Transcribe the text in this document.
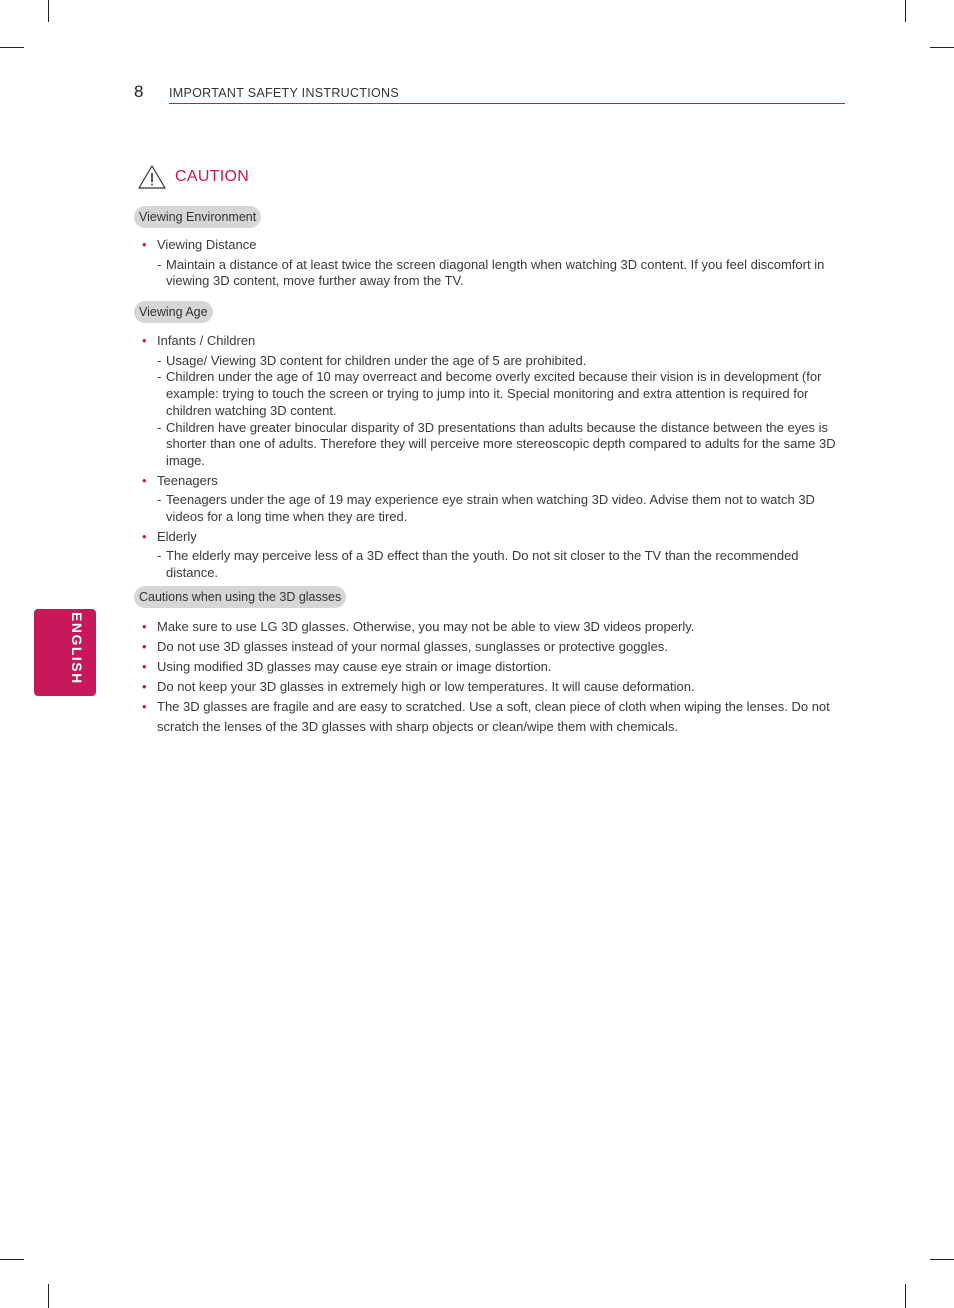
8 IMPORTANT SAFETY INSTRUCTIONS
CAUTION
Viewing Environment
• Viewing Distance
- Maintain a distance of at least twice the screen diagonal length when watching 3D content. If you feel discomfort in viewing 3D content, move further away from the TV.
Viewing Age
• Infants / Children
- Usage/ Viewing 3D content for children under the age of 5 are prohibited.
- Children under the age of 10 may overreact and become overly excited because their vision is in development (for example: trying to touch the screen or trying to jump into it. Special monitoring and extra attention is required for children watching 3D content.
- Children have greater binocular disparity of 3D presentations than adults because the distance between the eyes is shorter than one of adults. Therefore they will perceive more stereoscopic depth compared to adults for the same 3D image.
• Teenagers
- Teenagers under the age of 19 may experience eye strain when watching 3D video. Advise them not to watch 3D videos for a long time when they are tired.
• Elderly
- The elderly may perceive less of a 3D effect than the youth. Do not sit closer to the TV than the recommended distance.
Cautions when using the 3D glasses
• Make sure to use LG 3D glasses. Otherwise, you may not be able to view 3D videos properly.
• Do not use 3D glasses instead of your normal glasses, sunglasses or protective goggles.
• Using modified 3D glasses may cause eye strain or image distortion.
• Do not keep your 3D glasses in extremely high or low temperatures. It will cause deformation.
• The 3D glasses are fragile and are easy to scratched. Use a soft, clean piece of cloth when wiping the lenses. Do not scratch the lenses of the 3D glasses with sharp objects or clean/wipe them with chemicals.
ENGLISH
